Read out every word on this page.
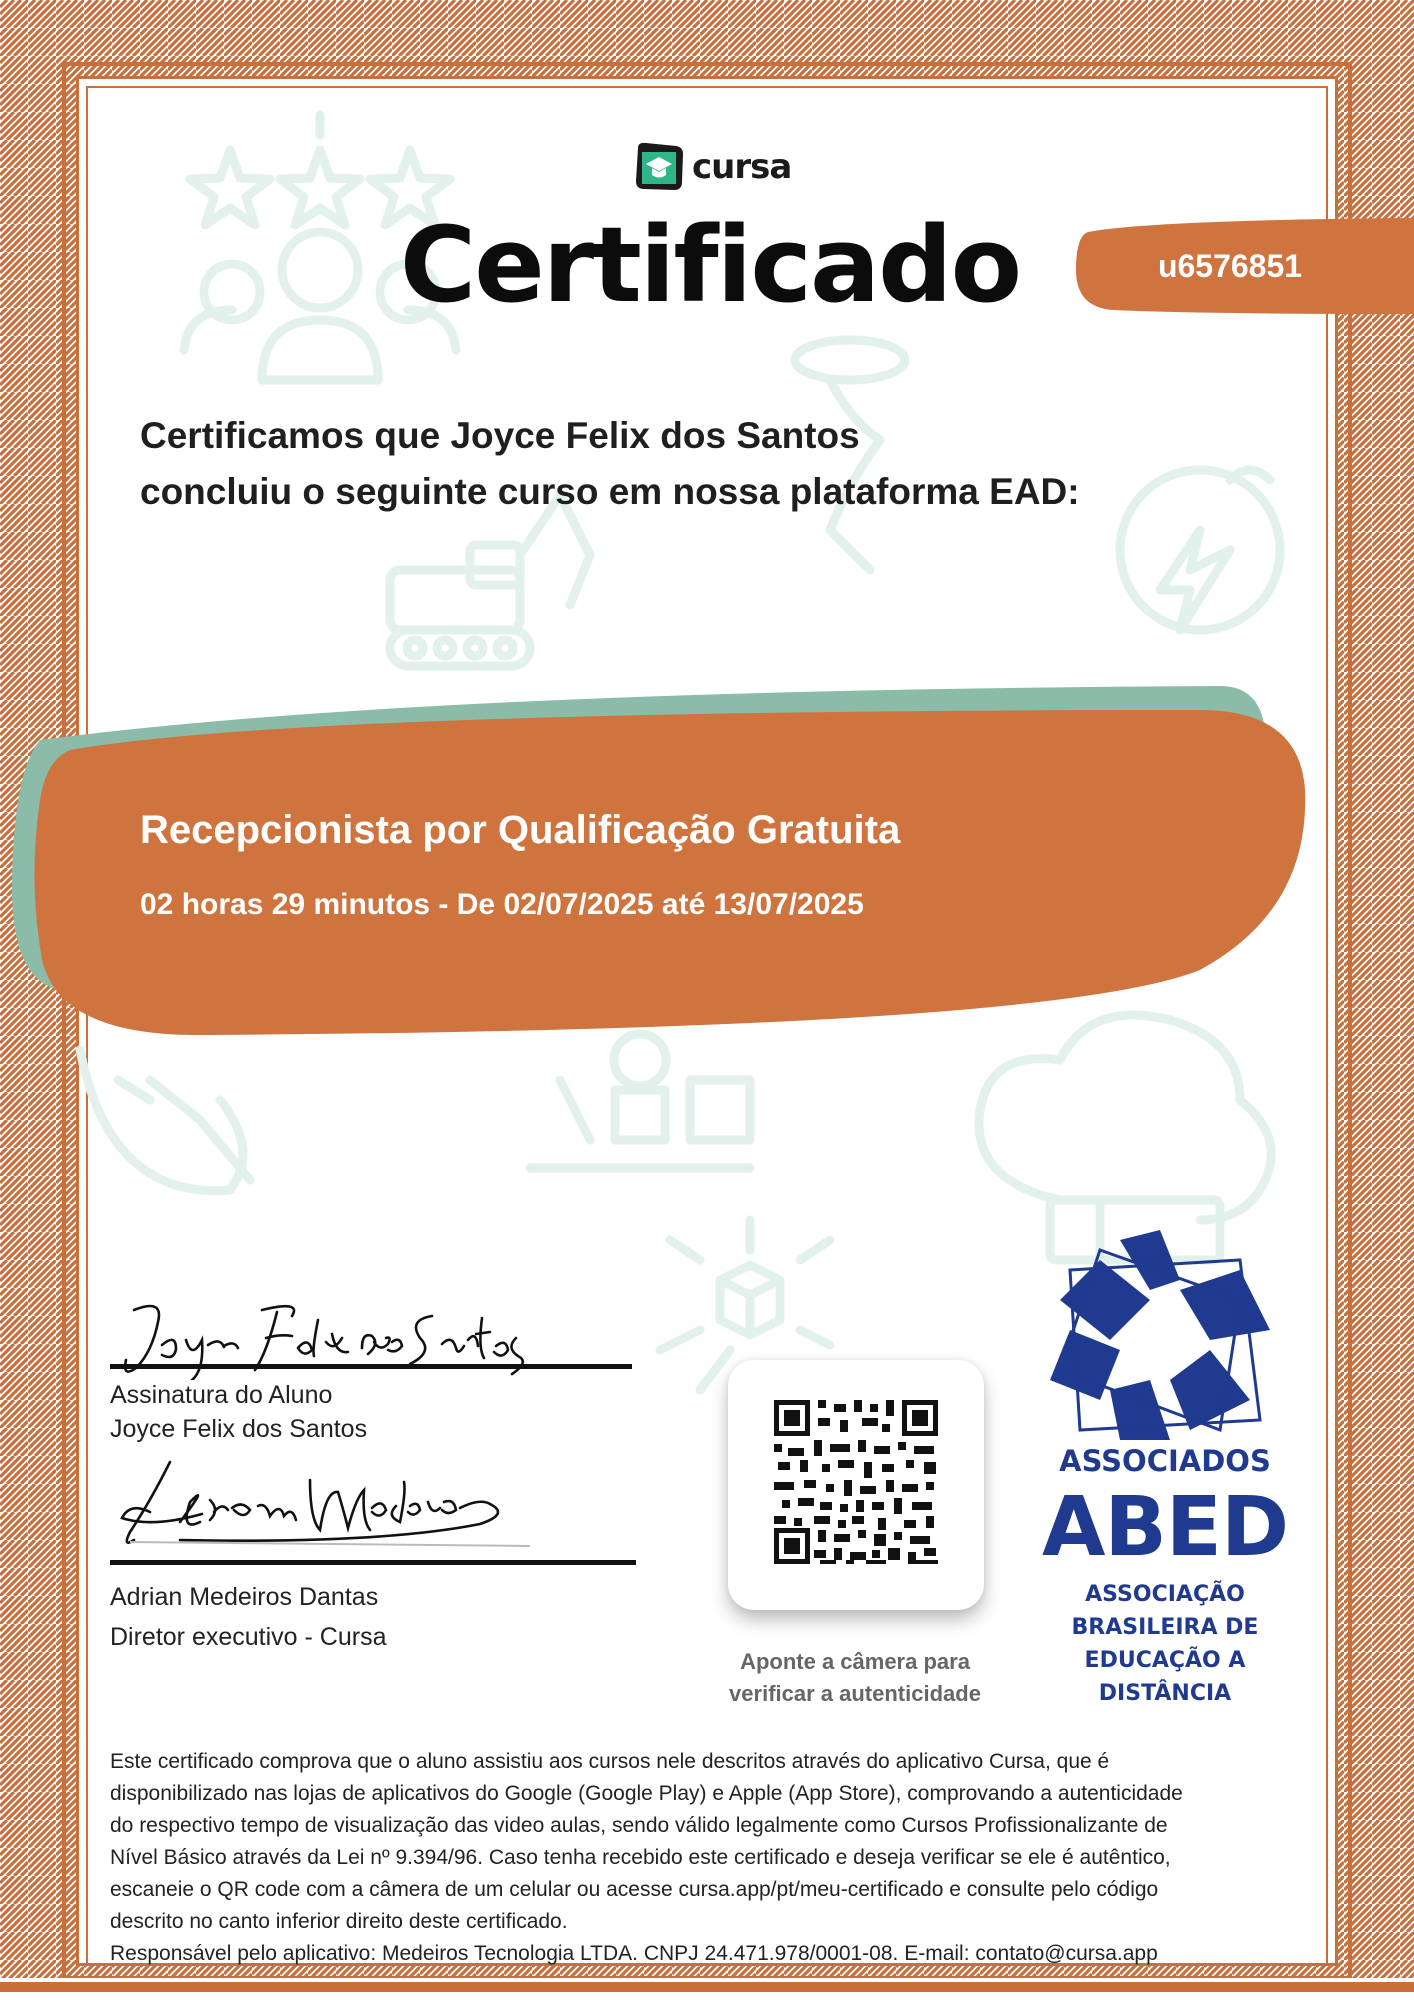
cursa
Certificado	u6576851
Certificamos que Joyce Felix dos Santos
concluiu o seguinte curso em nossa plataforma EAD:
Recepcionista por Qualificação Gratuita
02 horas 29 minutos - De 02/07/2025 até 13/07/2025
Assinatura do Aluno
Joyce Felix dos Santos
Adrian Medeiros Dantas
Diretor executivo - Cursa
Aponte a câmera para
verificar a autenticidade
ASSOCIADOS
ABED
ASSOCIAÇÃO
BRASILEIRA DE
EDUCAÇÃO A
DISTÂNCIA
Este certificado comprova que o aluno assistiu aos cursos nele descritos através do aplicativo Cursa, que é
disponibilizado nas lojas de aplicativos do Google (Google Play) e Apple (App Store), comprovando a autenticidade
do respectivo tempo de visualização das video aulas, sendo válido legalmente como Cursos Profissionalizante de
Nível Básico através da Lei nº 9.394/96. Caso tenha recebido este certificado e deseja verificar se ele é autêntico,
escaneie o QR code com a câmera de um celular ou acesse cursa.app/pt/meu-certificado e consulte pelo código
descrito no canto inferior direito deste certificado.
Responsável pelo aplicativo: Medeiros Tecnologia LTDA. CNPJ 24.471.978/0001-08. E-mail: contato@cursa.app
